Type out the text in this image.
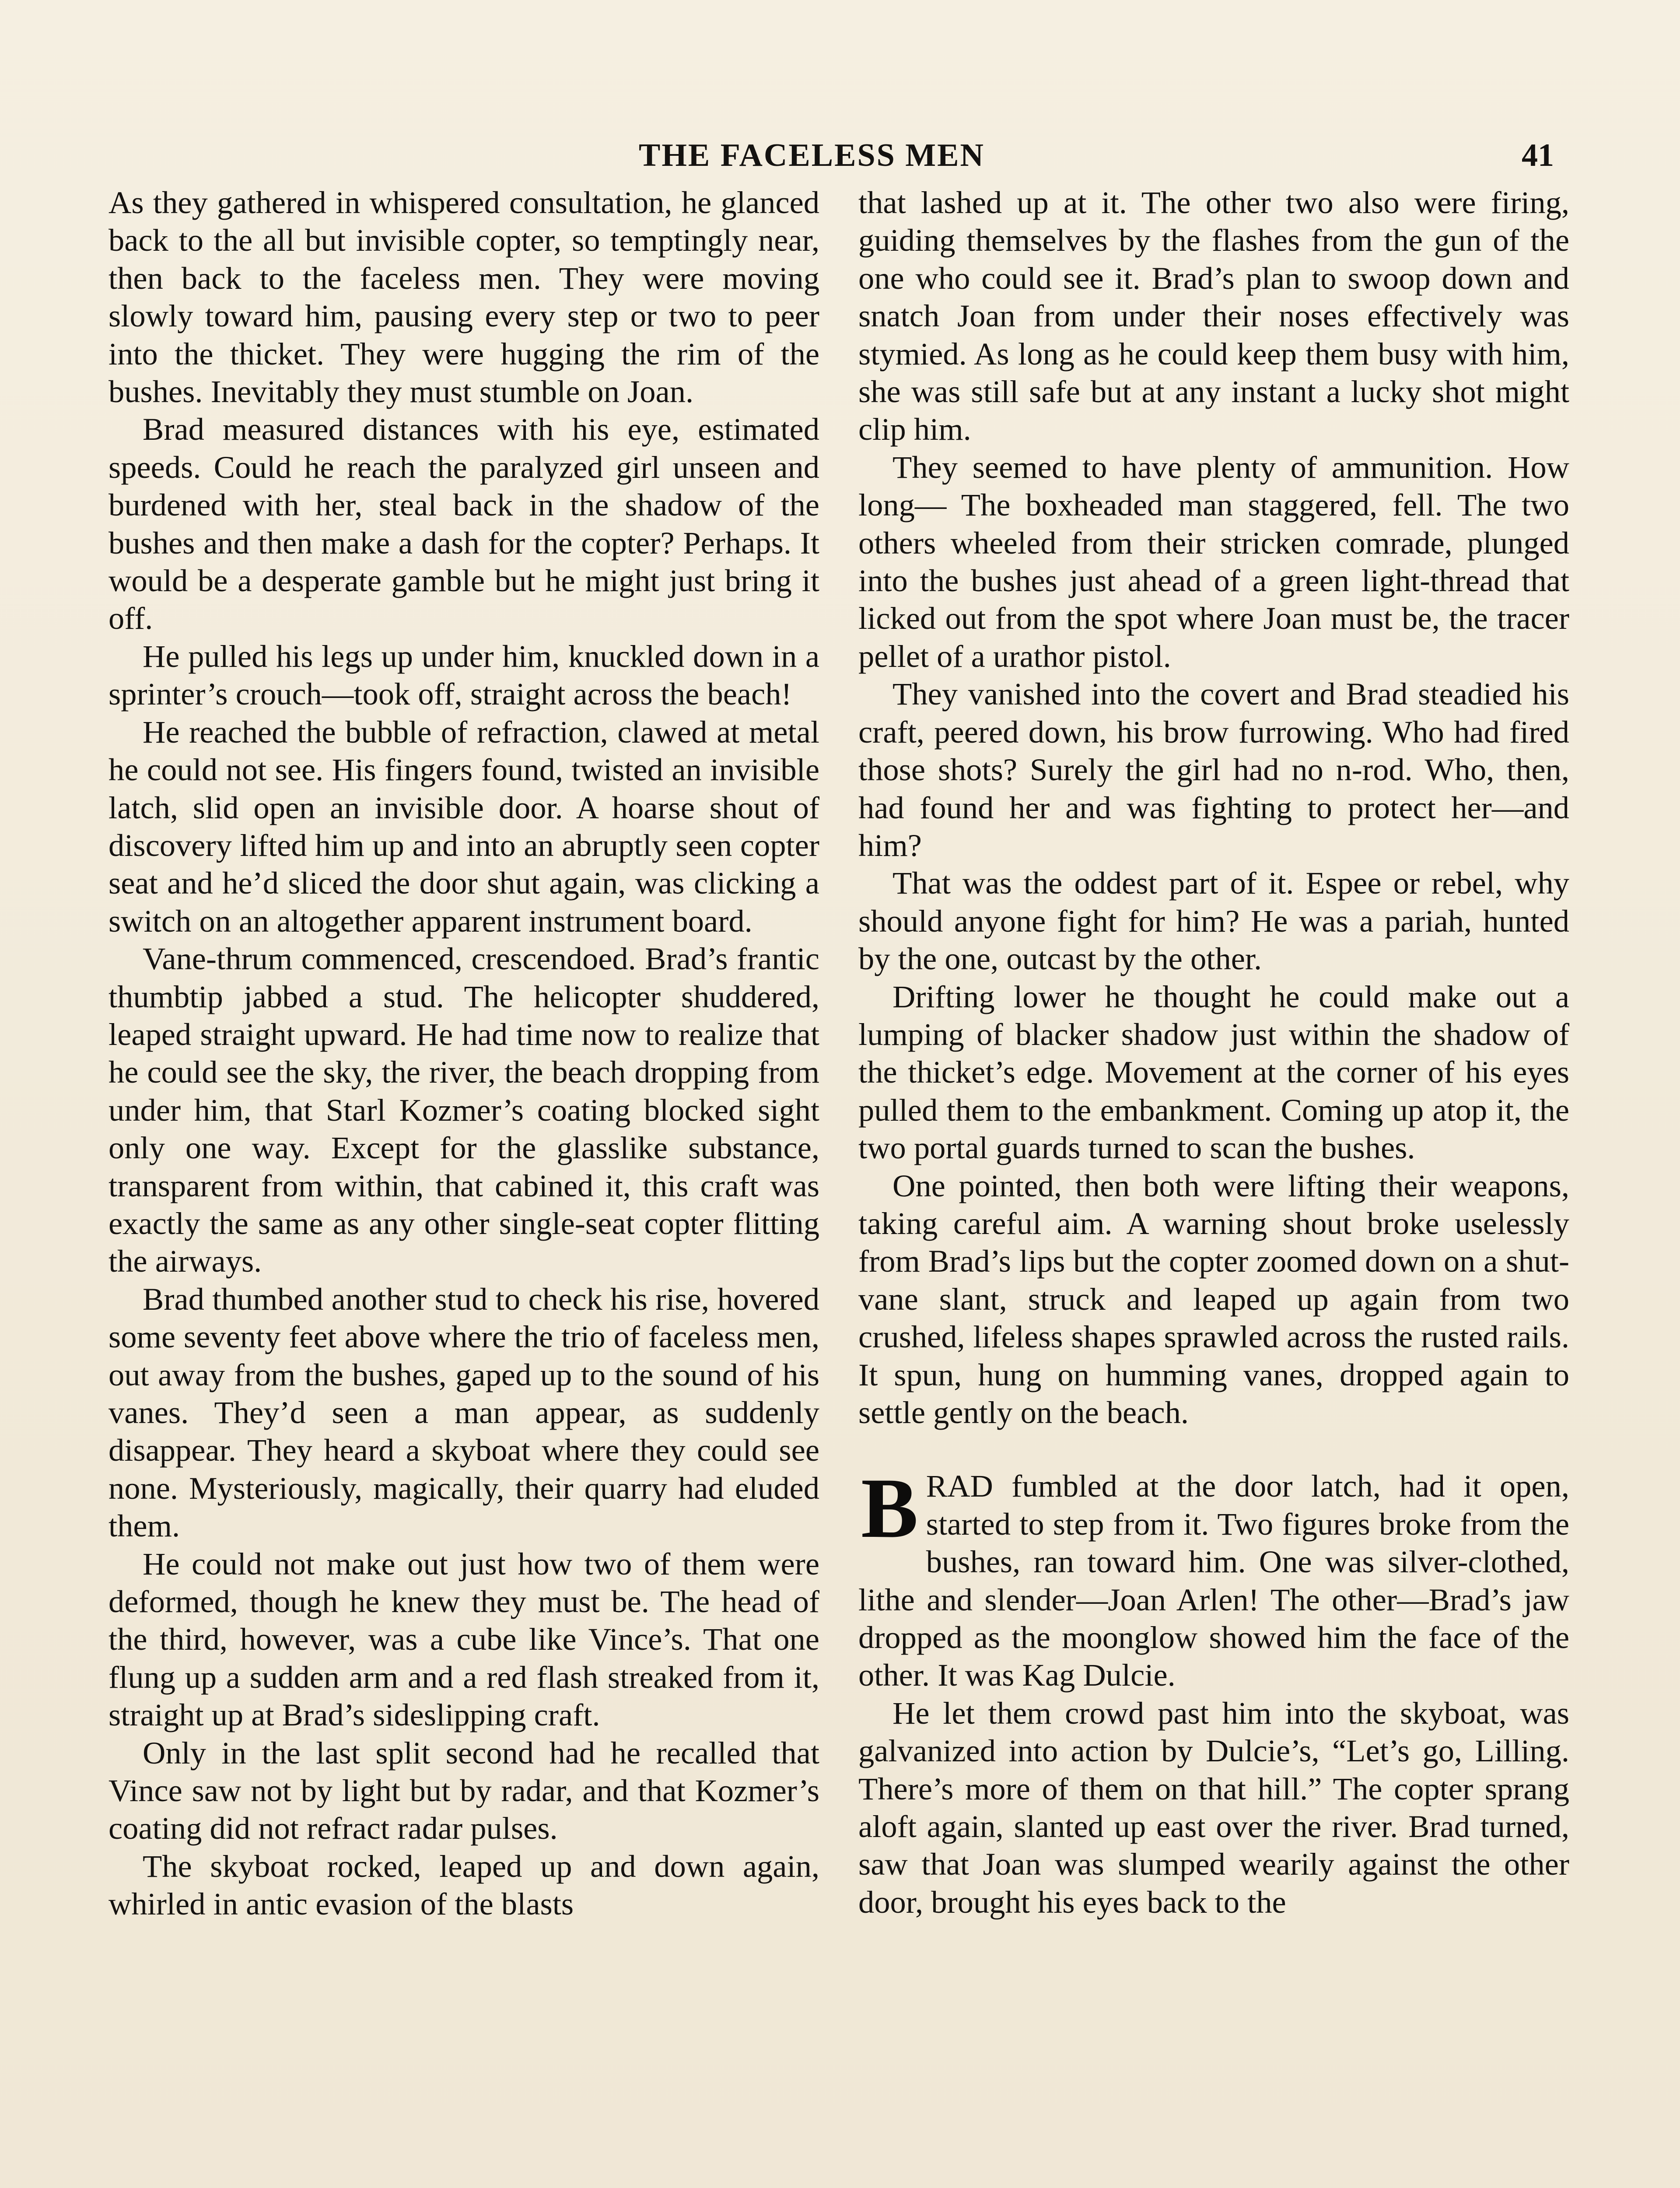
THE FACELESS MEN	41

As they gathered in whispered consultation, he glanced back to the all but invisible copter, so temptingly near, then back to the faceless men. They were moving slowly toward him, pausing every step or two to peer into the thicket. They were hugging the rim of the bushes. Inevitably they must stumble on Joan.

Brad measured distances with his eye, estimated speeds. Could he reach the paralyzed girl unseen and burdened with her, steal back in the shadow of the bushes and then make a dash for the copter? Perhaps. It would be a desperate gamble but he might just bring it off.

He pulled his legs up under him, knuckled down in a sprinter’s crouch—took off, straight across the beach!

He reached the bubble of refraction, clawed at metal he could not see. His fingers found, twisted an invisible latch, slid open an invisible door. A hoarse shout of discovery lifted him up and into an abruptly seen copter seat and he’d sliced the door shut again, was clicking a switch on an altogether apparent instrument board.

Vane-thrum commenced, crescendoed. Brad’s frantic thumbtip jabbed a stud. The helicopter shuddered, leaped straight upward. He had time now to realize that he could see the sky, the river, the beach dropping from under him, that Starl Kozmer’s coating blocked sight only one way. Except for the glasslike substance, transparent from within, that cabined it, this craft was exactly the same as any other single-seat copter flitting the airways.

Brad thumbed another stud to check his rise, hovered some seventy feet above where the trio of faceless men, out away from the bushes, gaped up to the sound of his vanes. They’d seen a man appear, as suddenly disappear. They heard a skyboat where they could see none. Mysteriously, magically, their quarry had eluded them.

He could not make out just how two of them were deformed, though he knew they must be. The head of the third, however, was a cube like Vince’s. That one flung up a sudden arm and a red flash streaked from it, straight up at Brad’s sideslipping craft.

Only in the last split second had he recalled that Vince saw not by light but by radar, and that Kozmer’s coating did not refract radar pulses.

The skyboat rocked, leaped up and down again, whirled in antic evasion of the blasts

that lashed up at it. The other two also were firing, guiding themselves by the flashes from the gun of the one who could see it. Brad’s plan to swoop down and snatch Joan from under their noses effectively was stymied. As long as he could keep them busy with him, she was still safe but at any instant a lucky shot might clip him.

They seemed to have plenty of ammunition. How long— The boxheaded man staggered, fell. The two others wheeled from their stricken comrade, plunged into the bushes just ahead of a green light-thread that licked out from the spot where Joan must be, the tracer pellet of a urathor pistol.

They vanished into the covert and Brad steadied his craft, peered down, his brow furrowing. Who had fired those shots? Surely the girl had no n-rod. Who, then, had found her and was fighting to protect her—and him?

That was the oddest part of it. Espee or rebel, why should anyone fight for him? He was a pariah, hunted by the one, outcast by the other.

Drifting lower he thought he could make out a lumping of blacker shadow just within the shadow of the thicket’s edge. Movement at the corner of his eyes pulled them to the embankment. Coming up atop it, the two portal guards turned to scan the bushes.

One pointed, then both were lifting their weapons, taking careful aim. A warning shout broke uselessly from Brad’s lips but the copter zoomed down on a shut-vane slant, struck and leaped up again from two crushed, lifeless shapes sprawled across the rusted rails. It spun, hung on humming vanes, dropped again to settle gently on the beach.

BRAD fumbled at the door latch, had it open, started to step from it. Two figures broke from the bushes, ran toward him. One was silver-clothed, lithe and slender—Joan Arlen! The other—Brad’s jaw dropped as the moonglow showed him the face of the other. It was Kag Dulcie.

He let them crowd past him into the skyboat, was galvanized into action by Dulcie’s, “Let’s go, Lilling. There’s more of them on that hill.” The copter sprang aloft again, slanted up east over the river. Brad turned, saw that Joan was slumped wearily against the other door, brought his eyes back to the
